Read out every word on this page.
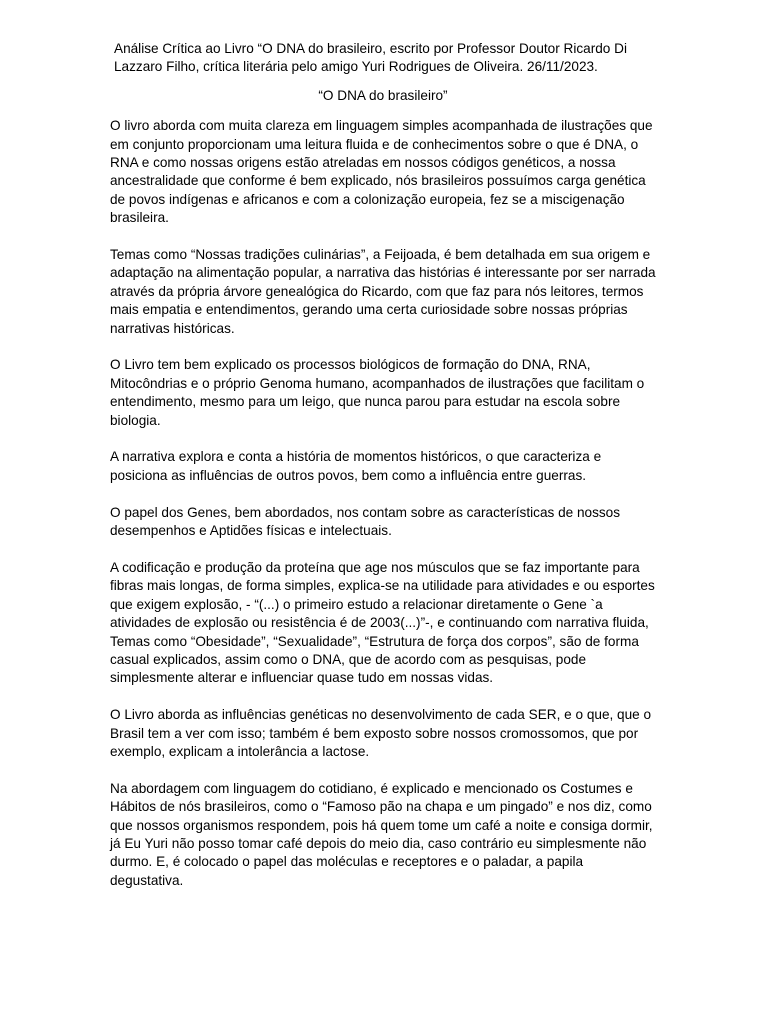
Análise Crítica ao Livro “O DNA do brasileiro, escrito por Professor Doutor Ricardo Di Lazzaro Filho, crítica literária pelo amigo Yuri Rodrigues de Oliveira. 26/11/2023.

“O DNA do brasileiro”

O livro aborda com muita clareza em linguagem simples acompanhada de ilustrações que em conjunto proporcionam uma leitura fluida e de conhecimentos sobre o que é DNA, o RNA e como nossas origens estão atreladas em nossos códigos genéticos, a nossa ancestralidade que conforme é bem explicado, nós brasileiros possuímos carga genética de povos indígenas e africanos e com a colonização europeia, fez se a miscigenação brasileira.

Temas como “Nossas tradições culinárias”, a Feijoada, é bem detalhada em sua origem e adaptação na alimentação popular, a narrativa das histórias é interessante por ser narrada através da própria árvore genealógica do Ricardo, com que faz para nós leitores, termos mais empatia e entendimentos, gerando uma certa curiosidade sobre nossas próprias narrativas históricas.

O Livro tem bem explicado os processos biológicos de formação do DNA, RNA, Mitocôndrias e o próprio Genoma humano, acompanhados de ilustrações que facilitam o entendimento, mesmo para um leigo, que nunca parou para estudar na escola sobre biologia.

A narrativa explora e conta a história de momentos históricos, o que caracteriza e posiciona as influências de outros povos, bem como a influência entre guerras.

O papel dos Genes, bem abordados, nos contam sobre as características de nossos desempenhos e Aptidões físicas e intelectuais.

A codificação e produção da proteína que age nos músculos que se faz importante para fibras mais longas, de forma simples, explica-se na utilidade para atividades e ou esportes que exigem explosão, - “(...) o primeiro estudo a relacionar diretamente o Gene `a atividades de explosão ou resistência é de 2003(...)”-, e continuando com narrativa fluida, Temas como “Obesidade”, “Sexualidade”, “Estrutura de força dos corpos”, são de forma casual explicados, assim como o DNA, que de acordo com as pesquisas, pode simplesmente alterar e influenciar quase tudo em nossas vidas.

O Livro aborda as influências genéticas no desenvolvimento de cada SER, e o que, que o Brasil tem a ver com isso; também é bem exposto sobre nossos cromossomos, que por exemplo, explicam a intolerância a lactose.

Na abordagem com linguagem do cotidiano, é explicado e mencionado os Costumes e Hábitos de nós brasileiros, como o “Famoso pão na chapa e um pingado” e nos diz, como que nossos organismos respondem, pois há quem tome um café a noite e consiga dormir, já Eu Yuri não posso tomar café depois do meio dia, caso contrário eu simplesmente não durmo. E, é colocado o papel das moléculas e receptores e o paladar, a papila degustativa.
